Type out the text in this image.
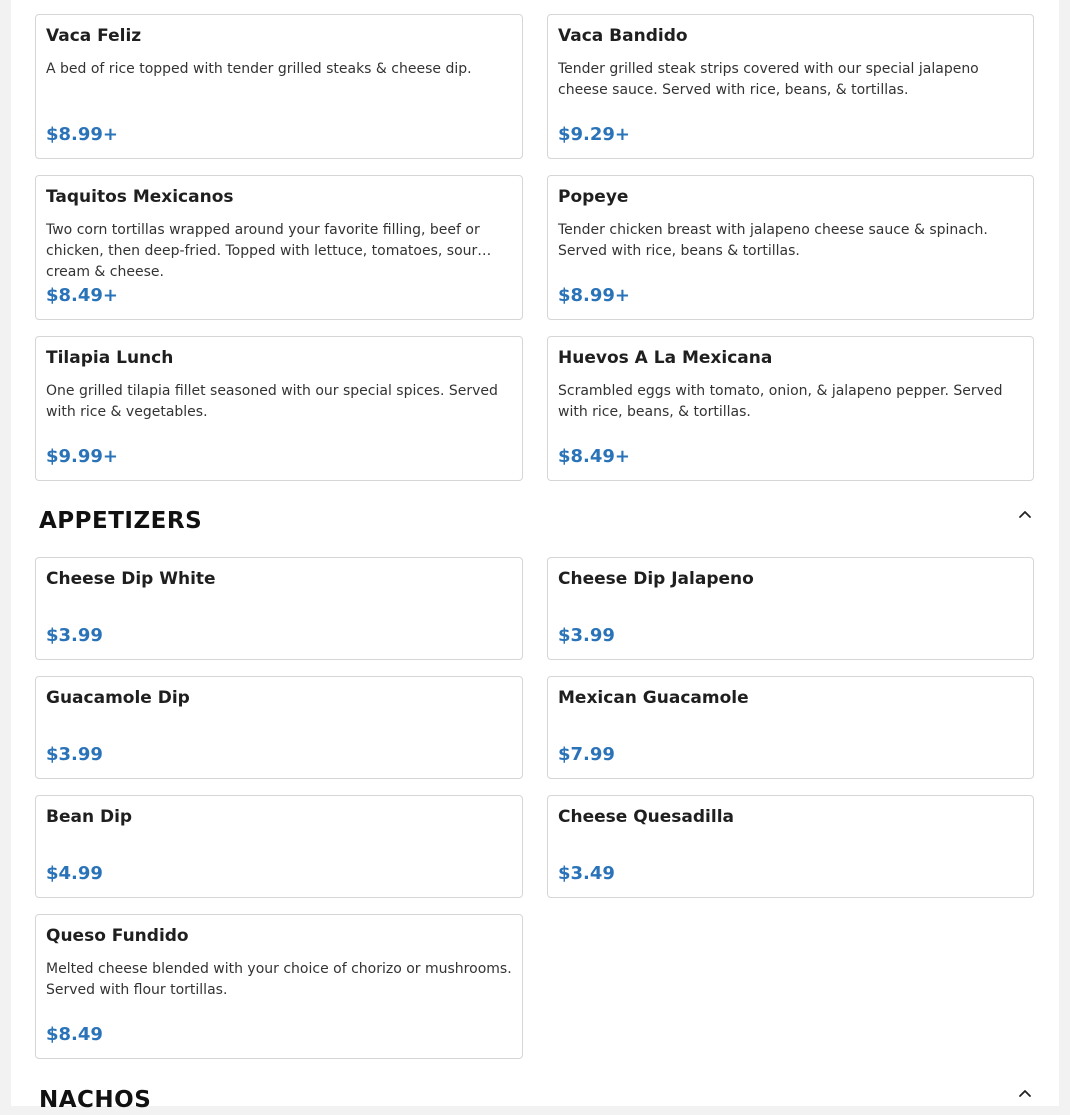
Vaca Feliz
A bed of rice topped with tender grilled steaks & cheese dip.
$8.99+
Vaca Bandido
Tender grilled steak strips covered with our special jalapeno cheese sauce. Served with rice, beans, & tortillas.
$9.29+
Taquitos Mexicanos
Two corn tortillas wrapped around your favorite filling, beef or chicken, then deep-fried. Topped with lettuce, tomatoes, sour cream & cheese.
$8.49+
Popeye
Tender chicken breast with jalapeno cheese sauce & spinach. Served with rice, beans & tortillas.
$8.99+
Tilapia Lunch
One grilled tilapia fillet seasoned with our special spices. Served with rice & vegetables.
$9.99+
Huevos A La Mexicana
Scrambled eggs with tomato, onion, & jalapeno pepper. Served with rice, beans, & tortillas.
$8.49+
APPETIZERS
Cheese Dip White
$3.99
Cheese Dip Jalapeno
$3.99
Guacamole Dip
$3.99
Mexican Guacamole
$7.99
Bean Dip
$4.99
Cheese Quesadilla
$3.49
Queso Fundido
Melted cheese blended with your choice of chorizo or mushrooms. Served with flour tortillas.
$8.49
NACHOS
